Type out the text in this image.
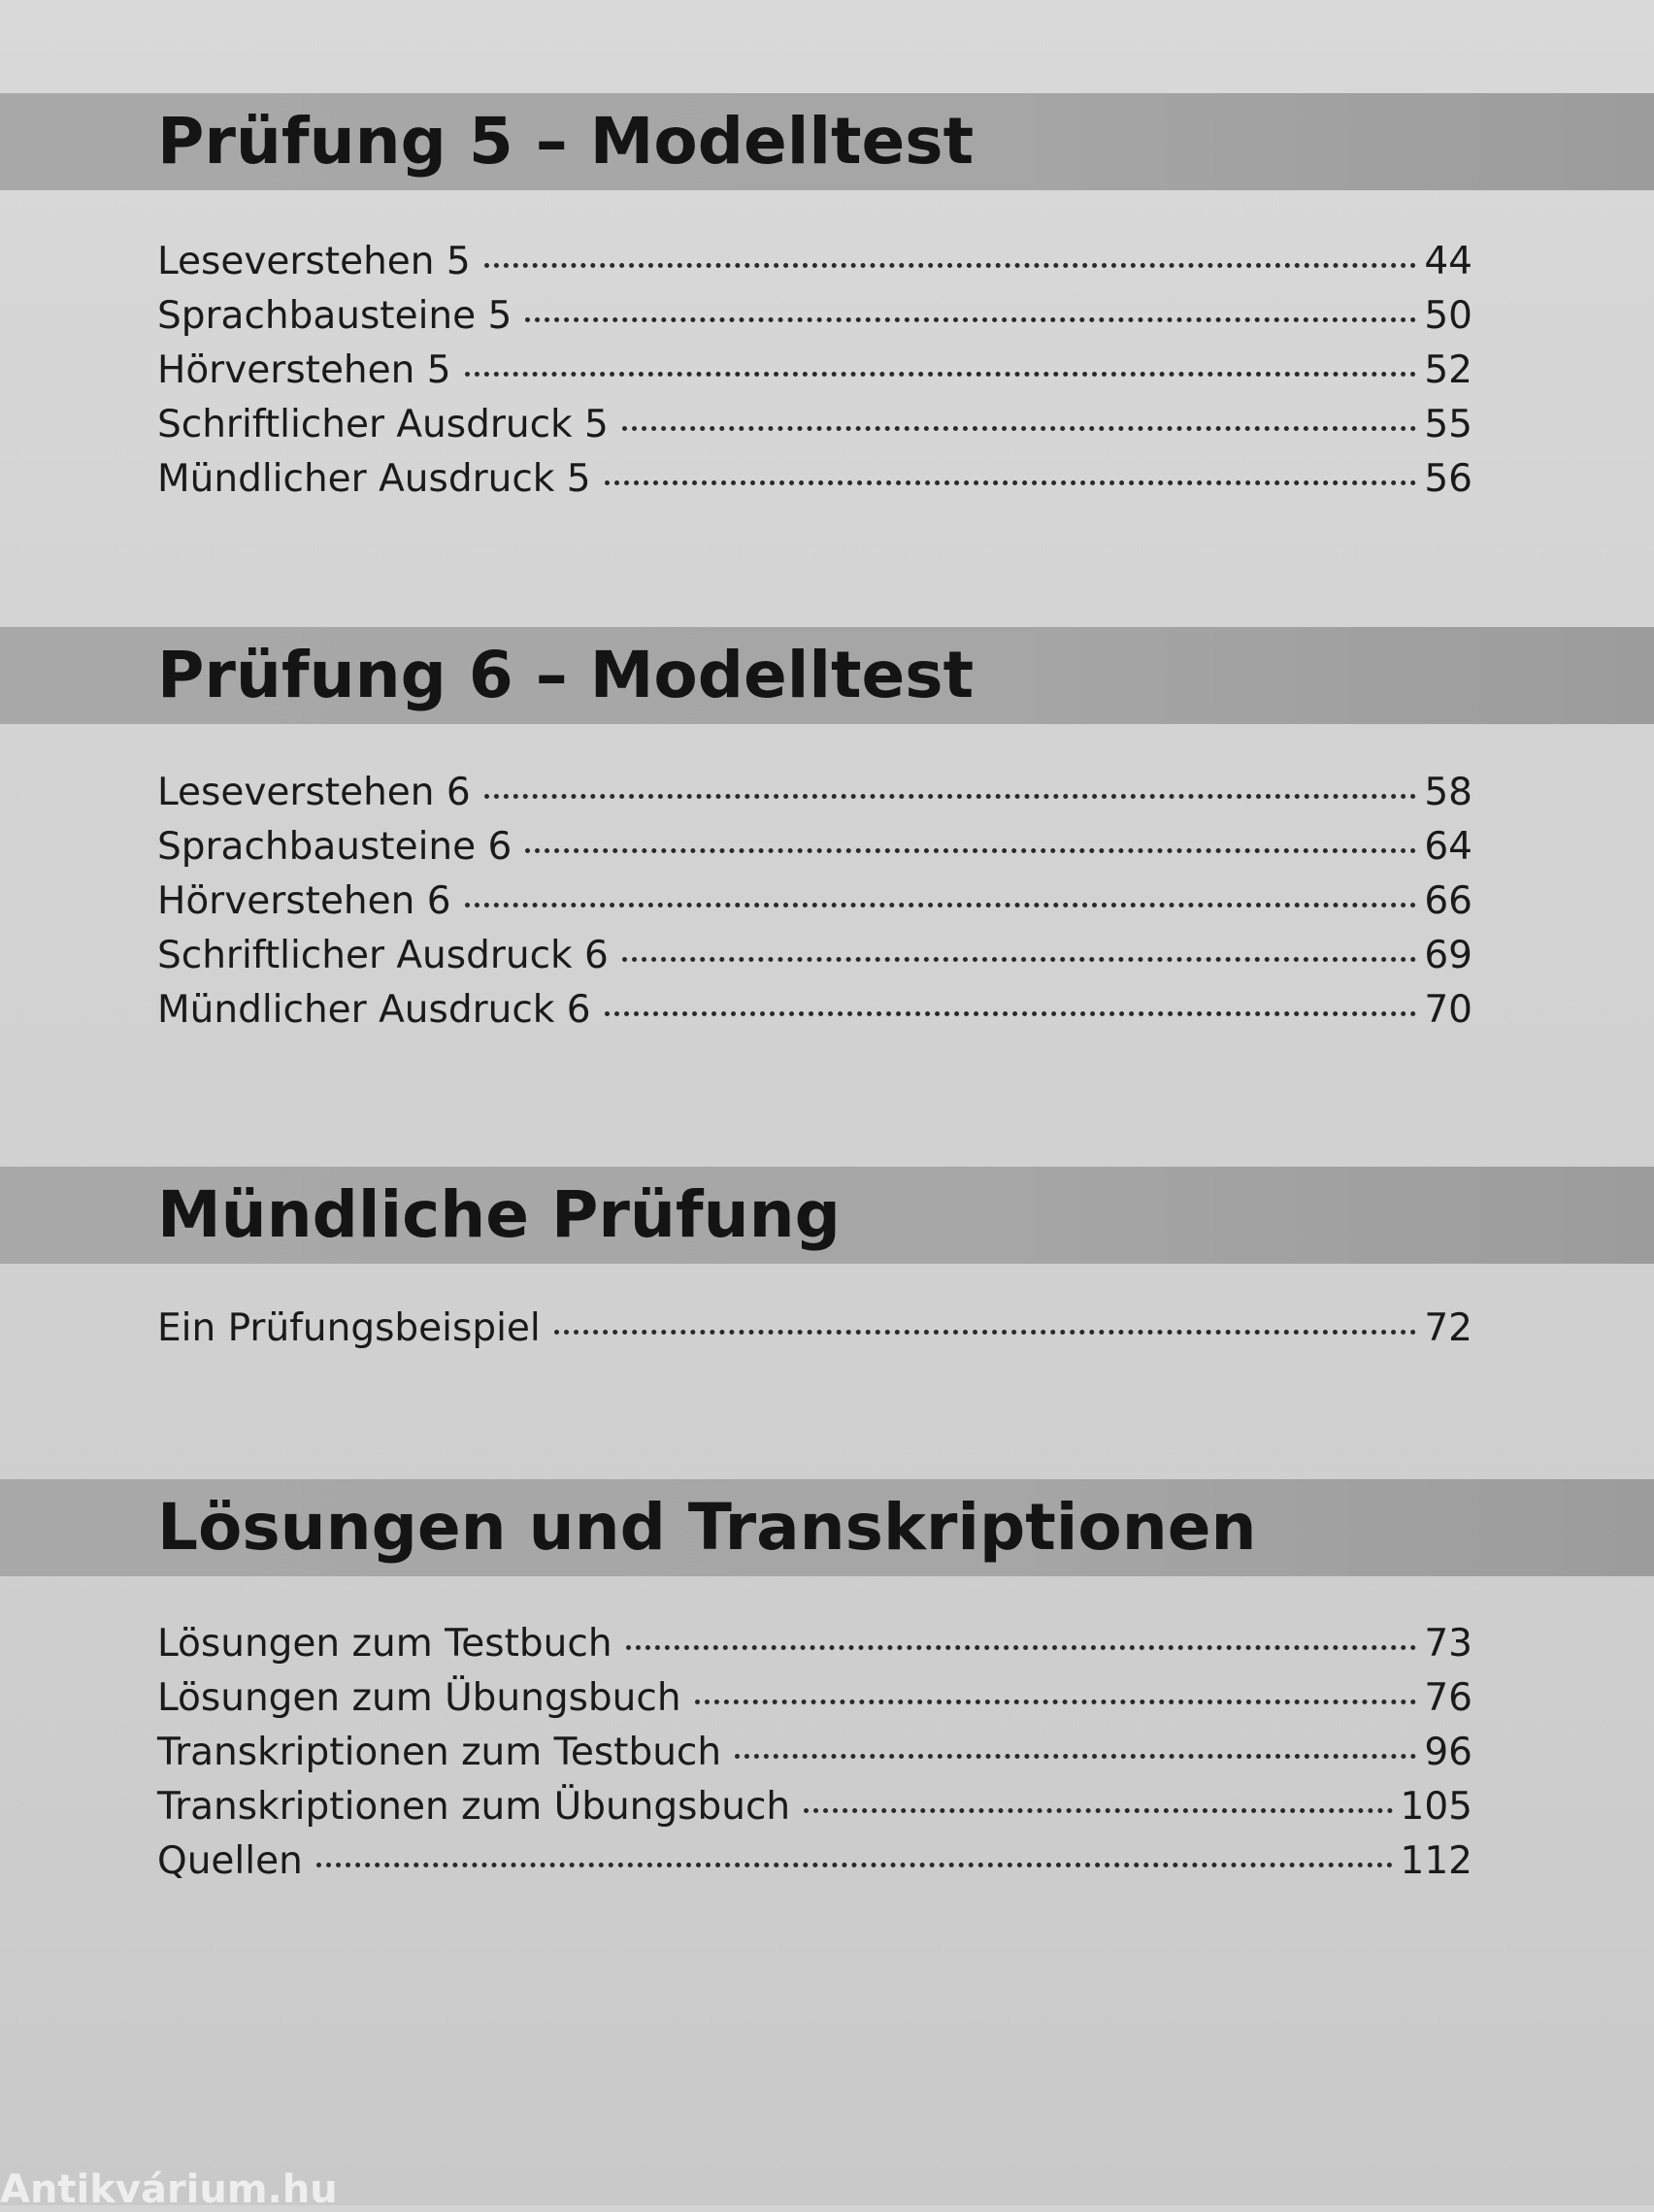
Prüfung 5 – Modelltest
Leseverstehen 5	44
Sprachbausteine 5	50
Hörverstehen 5	52
Schriftlicher Ausdruck 5	55
Mündlicher Ausdruck 5	56
Prüfung 6 – Modelltest
Leseverstehen 6	58
Sprachbausteine 6	64
Hörverstehen 6	66
Schriftlicher Ausdruck 6	69
Mündlicher Ausdruck 6	70
Mündliche Prüfung
Ein Prüfungsbeispiel	72
Lösungen und Transkriptionen
Lösungen zum Testbuch	73
Lösungen zum Übungsbuch	76
Transkriptionen zum Testbuch	96
Transkriptionen zum Übungsbuch	105
Quellen	112
Antikvárium.hu
